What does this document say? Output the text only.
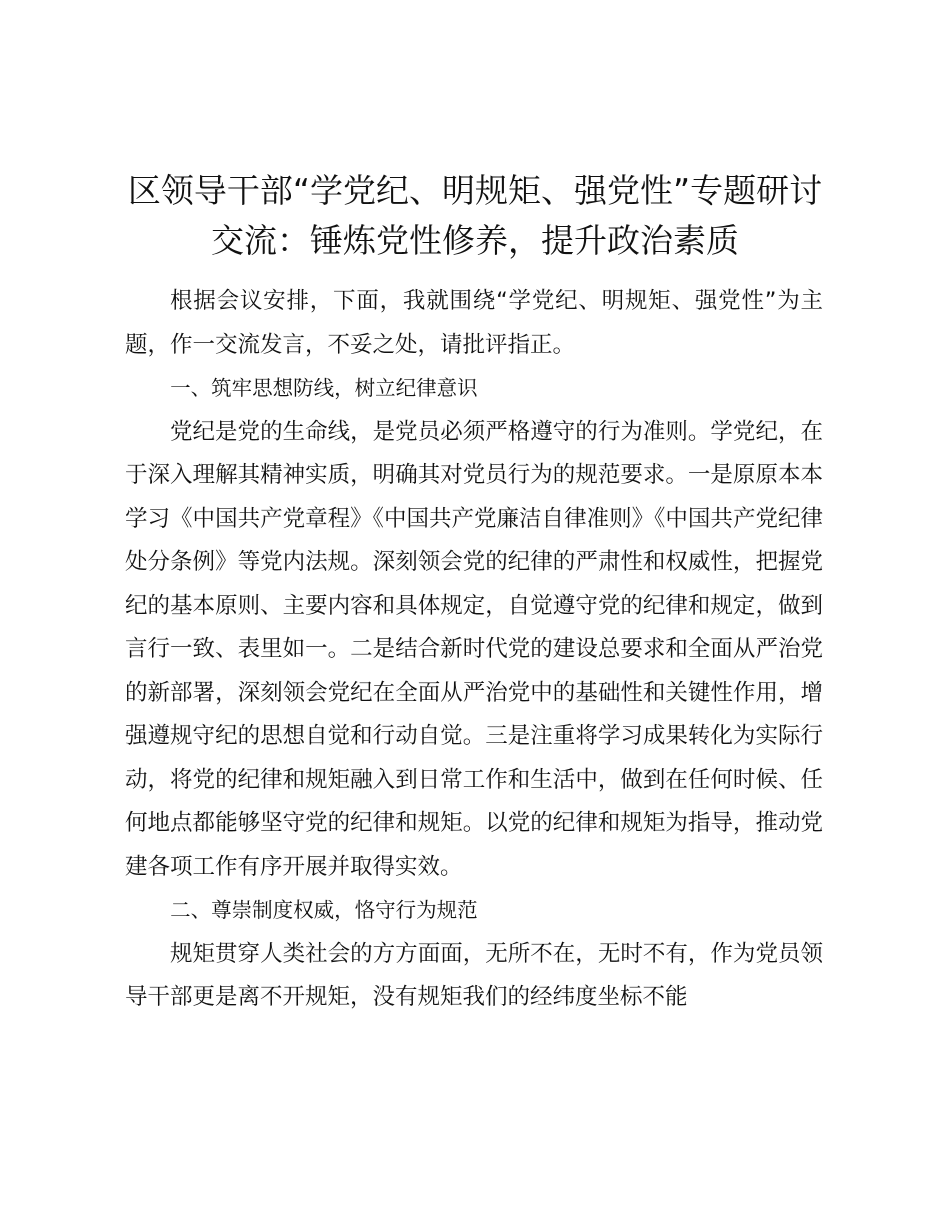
区领导干部“学党纪、明规矩、强党性”专题研讨交流：锤炼党性修养，提升政治素质

根据会议安排，下面，我就围绕“学党纪、明规矩、强党性”为主题，作一交流发言，不妥之处，请批评指正。

一、筑牢思想防线，树立纪律意识

党纪是党的生命线，是党员必须严格遵守的行为准则。学党纪，在于深入理解其精神实质，明确其对党员行为的规范要求。一是原原本本学习《中国共产党章程》《中国共产党廉洁自律准则》《中国共产党纪律处分条例》等党内法规。深刻领会党的纪律的严肃性和权威性，把握党纪的基本原则、主要内容和具体规定，自觉遵守党的纪律和规定，做到言行一致、表里如一。二是结合新时代党的建设总要求和全面从严治党的新部署，深刻领会党纪在全面从严治党中的基础性和关键性作用，增强遵规守纪的思想自觉和行动自觉。三是注重将学习成果转化为实际行动，将党的纪律和规矩融入到日常工作和生活中，做到在任何时候、任何地点都能够坚守党的纪律和规矩。以党的纪律和规矩为指导，推动党建各项工作有序开展并取得实效。

二、尊崇制度权威，恪守行为规范

规矩贯穿人类社会的方方面面，无所不在，无时不有，作为党员领导干部更是离不开规矩，没有规矩我们的经纬度坐标不能
